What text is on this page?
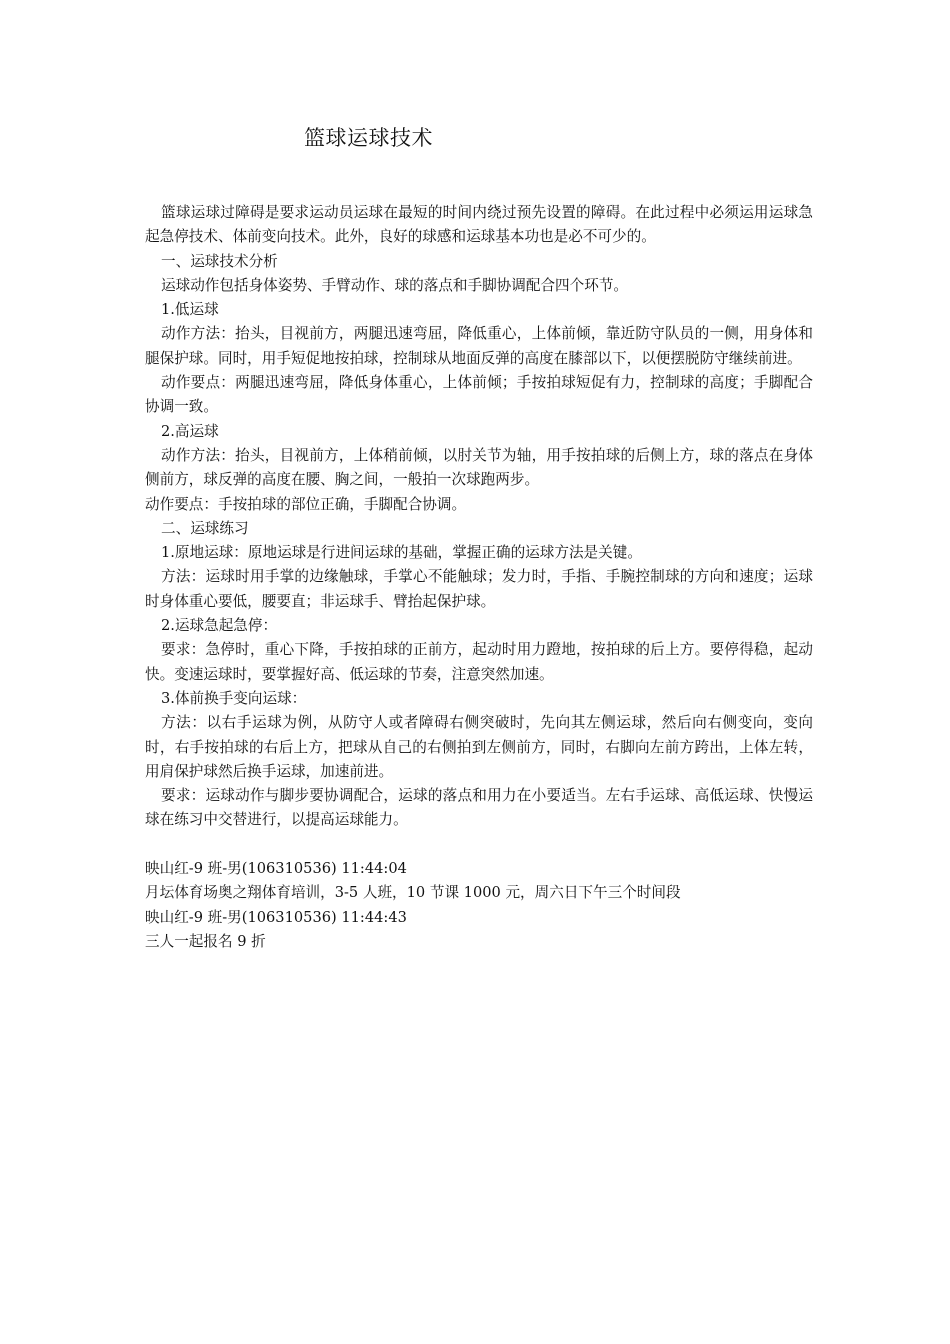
篮球运球技术

篮球运球过障碍是要求运动员运球在最短的时间内绕过预先设置的障碍。在此过程中必须运用运球急起急停技术、体前变向技术。此外，良好的球感和运球基本功也是必不可少的。

一、运球技术分析

运球动作包括身体姿势、手臂动作、球的落点和手脚协调配合四个环节。

1.低运球

动作方法：抬头，目视前方，两腿迅速弯屈，降低重心，上体前倾，靠近防守队员的一侧，用身体和腿保护球。同时，用手短促地按拍球，控制球从地面反弹的高度在膝部以下，以便摆脱防守继续前进。

动作要点：两腿迅速弯屈，降低身体重心，上体前倾；手按拍球短促有力，控制球的高度；手脚配合协调一致。

2.高运球

动作方法：抬头，目视前方，上体稍前倾，以肘关节为轴，用手按拍球的后侧上方，球的落点在身体侧前方，球反弹的高度在腰、胸之间，一般拍一次球跑两步。

动作要点：手按拍球的部位正确，手脚配合协调。

二、运球练习

1.原地运球：原地运球是行进间运球的基础，掌握正确的运球方法是关键。

方法：运球时用手掌的边缘触球，手掌心不能触球；发力时，手指、手腕控制球的方向和速度；运球时身体重心要低，腰要直；非运球手、臂抬起保护球。

2.运球急起急停：

要求：急停时，重心下降，手按拍球的正前方，起动时用力蹬地，按拍球的后上方。要停得稳，起动快。变速运球时，要掌握好高、低运球的节奏，注意突然加速。

3.体前换手变向运球：

方法：以右手运球为例，从防守人或者障碍右侧突破时，先向其左侧运球，然后向右侧变向，变向时，右手按拍球的右后上方，把球从自己的右侧拍到左侧前方，同时，右脚向左前方跨出，上体左转，用肩保护球然后换手运球，加速前进。

要求：运球动作与脚步要协调配合，运球的落点和用力在小要适当。左右手运球、高低运球、快慢运球在练习中交替进行，以提高运球能力。

映山红-9 班-男(106310536) 11:44:04

月坛体育场奥之翔体育培训，3-5 人班，10 节课 1000 元，周六日下午三个时间段

映山红-9 班-男(106310536) 11:44:43

三人一起报名 9 折
